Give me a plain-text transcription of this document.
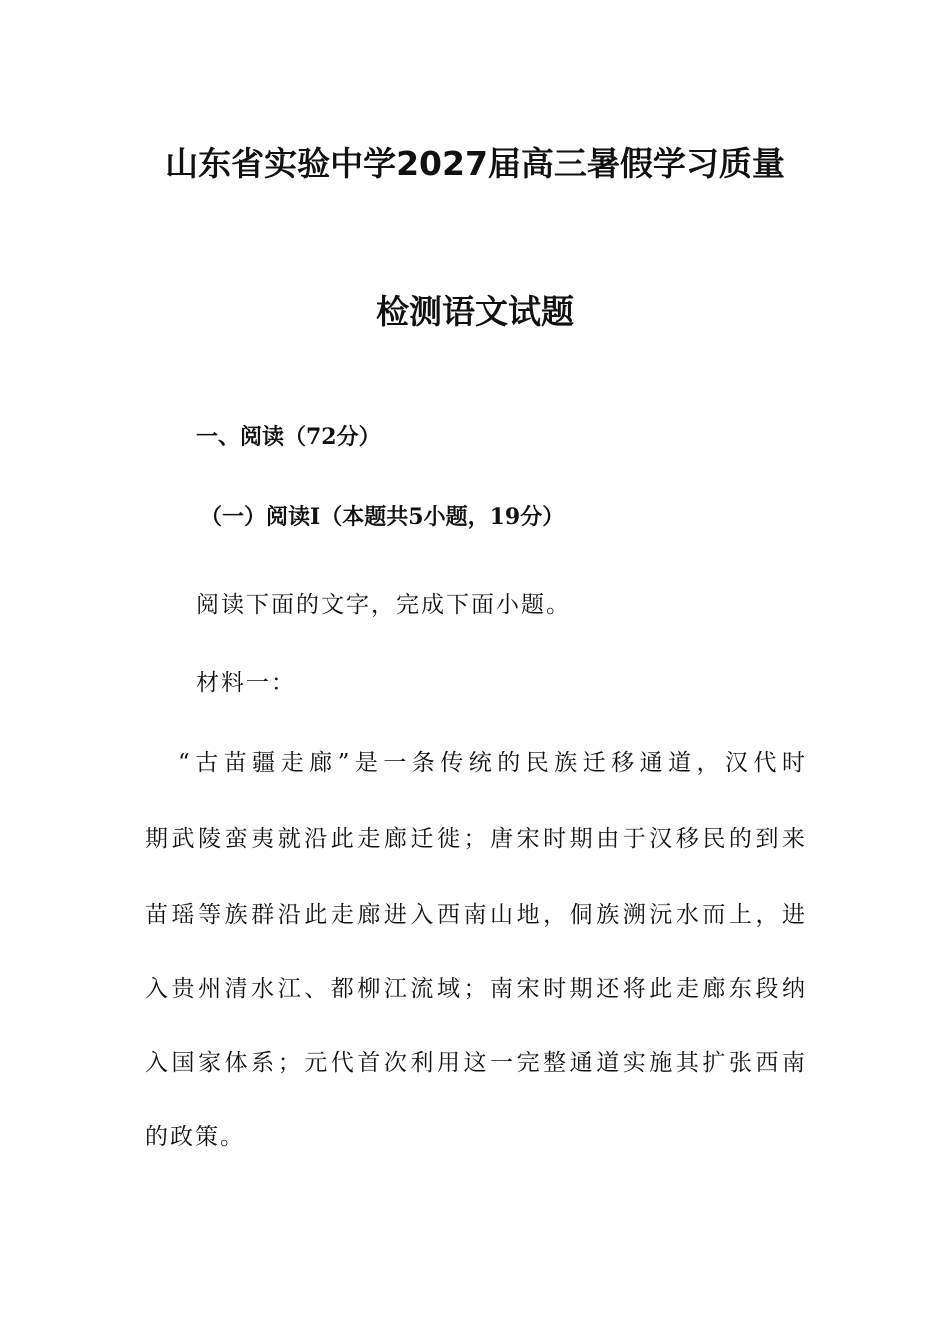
山东省实验中学2027届高三暑假学习质量
检测语文试题
一、阅读（72分）
（一）阅读I（本题共5小题，19分）
阅读下面的文字，完成下面小题。
材料一：
“古苗疆走廊”是一条传统的民族迁移通道，汉代时
期武陵蛮夷就沿此走廊迁徙；唐宋时期由于汉移民的到来
苗瑶等族群沿此走廊进入西南山地，侗族溯沅水而上，进
入贵州清水江、都柳江流域；南宋时期还将此走廊东段纳
入国家体系；元代首次利用这一完整通道实施其扩张西南
的政策。
